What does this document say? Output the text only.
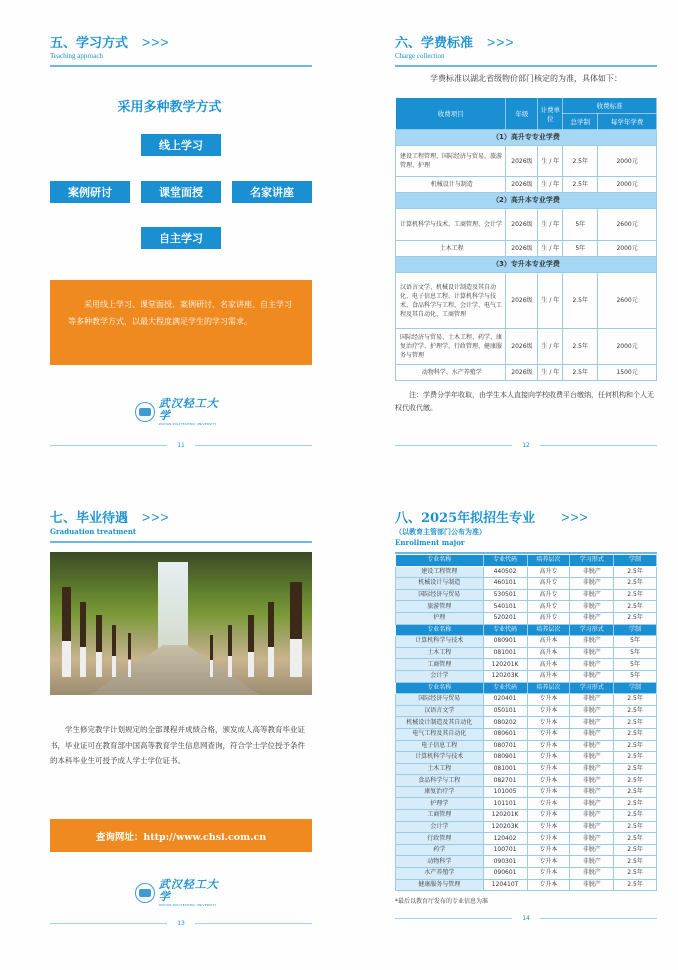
五、学习方式 >>>
Teaching approach
采用多种教学方式
线上学习
案例研讨	课堂面授	名家讲座
自主学习
采用线上学习、课堂面授、案例研讨、名家讲座、自主学习等多种教学方式，以最大程度满足学生的学习需求。
武汉轻工大学
WUHAN POLYTECHNIC UNIVERSITY
11
六、学费标准 >>>
Charge collection
学费标准以湖北省级物价部门核定的为准，具体如下：
收费项目	年级	计费单位	收费标准	
			总学制	每学年学费
（1）高升专专业学费				
建设工程管理、国际经济与贸易、旅游管理、护理	2026级	生 / 年	2.5年	2000元
机械设计与制造	2026级	生 / 年	2.5年	2000元
（2）高升本专业学费				
计算机科学与技术、工商管理、会计学	2026级	生 / 年	5年	2600元
土木工程	2026级	生 / 年	5年	2000元
（3）专升本专业学费				
汉语言文学、机械设计制造及其自动化、电子信息工程、计算机科学与技术、食品科学与工程、会计学、电气工程及其自动化、工商管理	2026级	生 / 年	2.5年	2600元
国际经济与贸易、土木工程、药学、康复治疗学、护理学、行政管理、健康服务与管理	2026级	生 / 年	2.5年	2000元
动物科学、水产养殖学	2026级	生 / 年	2.5年	1500元
注：学费分学年收取，由学生本人直接向学校收费平台缴纳，任何机构和个人无权代收代缴。
12
七、毕业待遇 >>>
Graduation treatment
学生修完教学计划规定的全部课程并成绩合格，颁发成人高等教育毕业证书，毕业证可在教育部中国高等教育学生信息网查询，符合学士学位授予条件的本科毕业生可授予成人学士学位证书。
查询网址：http://www.chsi.com.cn
武汉轻工大学
WUHAN POLYTECHNIC UNIVERSITY
13
八、2025年拟招生专业 >>>
（以教育主管部门公布为准）
Enrollment major
专业名称	专业代码	培养层次	学习形式	学制
建设工程管理	440502	高升专	非脱产	2.5年
机械设计与制造	460101	高升专	非脱产	2.5年
国际经济与贸易	530501	高升专	非脱产	2.5年
旅游管理	540101	高升专	非脱产	2.5年
护理	520201	高升专	非脱产	2.5年
专业名称	专业代码	培养层次	学习形式	学制
计算机科学与技术	080901	高升本	非脱产	5年
土木工程	081001	高升本	非脱产	5年
工商管理	120201K	高升本	非脱产	5年
会计学	120203K	高升本	非脱产	5年
专业名称	专业代码	培养层次	学习形式	学制
国际经济与贸易	020401	专升本	非脱产	2.5年
汉语言文学	050101	专升本	非脱产	2.5年
机械设计制造及其自动化	080202	专升本	非脱产	2.5年
电气工程及其自动化	080601	专升本	非脱产	2.5年
电子信息工程	080701	专升本	非脱产	2.5年
计算机科学与技术	080901	专升本	非脱产	2.5年
土木工程	081001	专升本	非脱产	2.5年
食品科学与工程	082701	专升本	非脱产	2.5年
康复治疗学	101005	专升本	非脱产	2.5年
护理学	101101	专升本	非脱产	2.5年
工商管理	120201K	专升本	非脱产	2.5年
会计学	120203K	专升本	非脱产	2.5年
行政管理	120402	专升本	非脱产	2.5年
药学	100701	专升本	非脱产	2.5年
动物科学	090301	专升本	非脱产	2.5年
水产养殖学	090601	专升本	非脱产	2.5年
健康服务与管理	120410T	专升本	非脱产	2.5年
*最后以教育厅发布的专业信息为准
14
